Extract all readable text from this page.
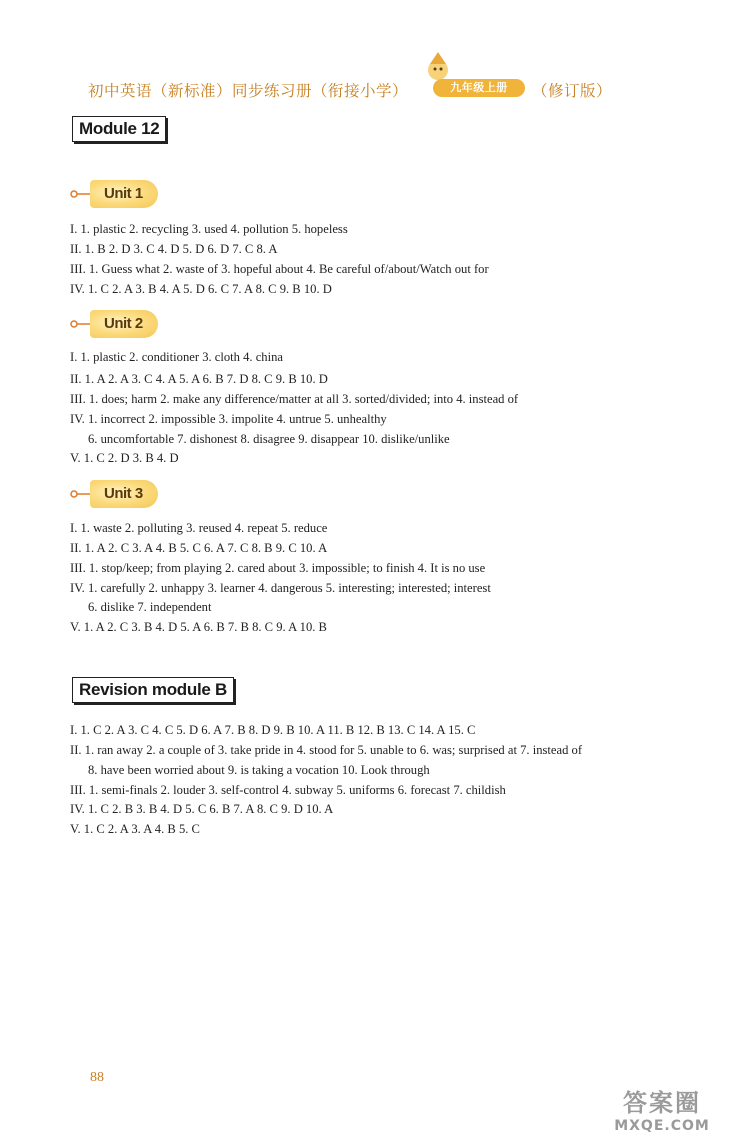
初中英语（新标准）同步练习册（衔接小学）	九年级上册	（修订版）
Module 12
Unit 1
I. 1. plastic 2. recycling 3. used 4. pollution 5. hopeless
II. 1. B 2. D 3. C 4. D 5. D 6. D 7. C 8. A
III. 1. Guess what 2. waste of 3. hopeful about 4. Be careful of/about/Watch out for
IV. 1. C 2. A 3. B 4. A 5. D 6. C 7. A 8. C 9. B 10. D
Unit 2
I. 1. plastic 2. conditioner 3. cloth 4. china
II. 1. A 2. A 3. C 4. A 5. A 6. B 7. D 8. C 9. B 10. D
III. 1. does; harm 2. make any difference/matter at all 3. sorted/divided; into 4. instead of
IV. 1. incorrect 2. impossible 3. impolite 4. untrue 5. unhealthy
6. uncomfortable 7. dishonest 8. disagree 9. disappear 10. dislike/unlike
V. 1. C 2. D 3. B 4. D
Unit 3
I. 1. waste 2. polluting 3. reused 4. repeat 5. reduce
II. 1. A 2. C 3. A 4. B 5. C 6. A 7. C 8. B 9. C 10. A
III. 1. stop/keep; from playing 2. cared about 3. impossible; to finish 4. It is no use
IV. 1. carefully 2. unhappy 3. learner 4. dangerous 5. interesting; interested; interest
6. dislike 7. independent
V. 1. A 2. C 3. B 4. D 5. A 6. B 7. B 8. C 9. A 10. B
Revision module B
I. 1. C 2. A 3. C 4. C 5. D 6. A 7. B 8. D 9. B 10. A 11. B 12. B 13. C 14. A 15. C
II. 1. ran away 2. a couple of 3. take pride in 4. stood for 5. unable to 6. was; surprised at 7. instead of
8. have been worried about 9. is taking a vocation 10. Look through
III. 1. semi-finals 2. louder 3. self-control 4. subway 5. uniforms 6. forecast 7. childish
IV. 1. C 2. B 3. B 4. D 5. C 6. B 7. A 8. C 9. D 10. A
V. 1. C 2. A 3. A 4. B 5. C
88
答案圈
MXQE.COM
